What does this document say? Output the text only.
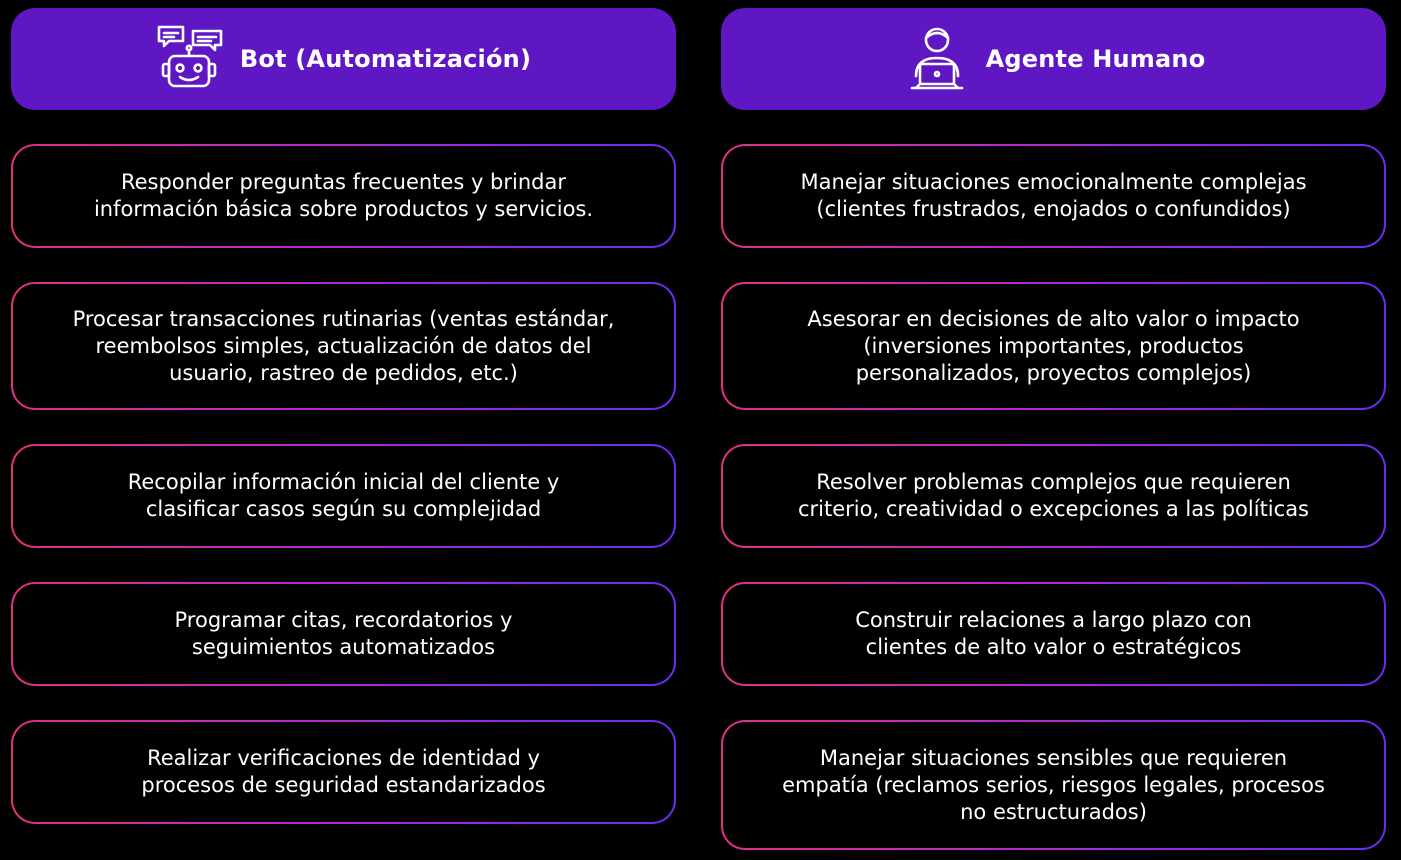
Bot (Automatización)	Agente Humano
Responder preguntas frecuentes y brindar
información básica sobre productos y servicios.
Procesar transacciones rutinarias (ventas estándar,
reembolsos simples, actualización de datos del
usuario, rastreo de pedidos, etc.)
Recopilar información inicial del cliente y
clasificar casos según su complejidad
Programar citas, recordatorios y
seguimientos automatizados
Realizar verificaciones de identidad y
procesos de seguridad estandarizados
Manejar situaciones emocionalmente complejas
(clientes frustrados, enojados o confundidos)
Asesorar en decisiones de alto valor o impacto
(inversiones importantes, productos
personalizados, proyectos complejos)
Resolver problemas complejos que requieren
criterio, creatividad o excepciones a las políticas
Construir relaciones a largo plazo con
clientes de alto valor o estratégicos
Manejar situaciones sensibles que requieren
empatía (reclamos serios, riesgos legales, procesos
no estructurados)
